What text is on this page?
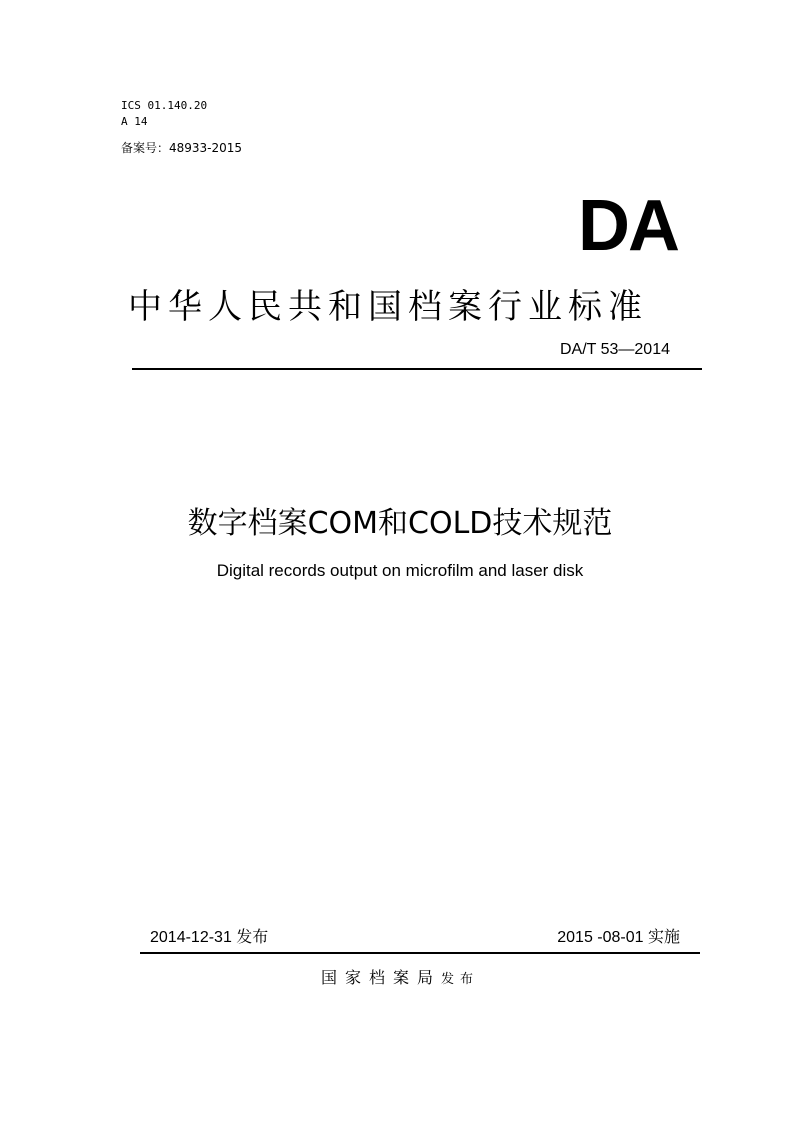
ICS 01.140.20
A 14
备案号：48933-2015
DA
中华人民共和国档案行业标准
DA/T 53—2014
数字档案COM和COLD技术规范
Digital records output on microfilm and laser disk
2014-12-31 发布	2015 -08-01 实施
国家档案局发布
